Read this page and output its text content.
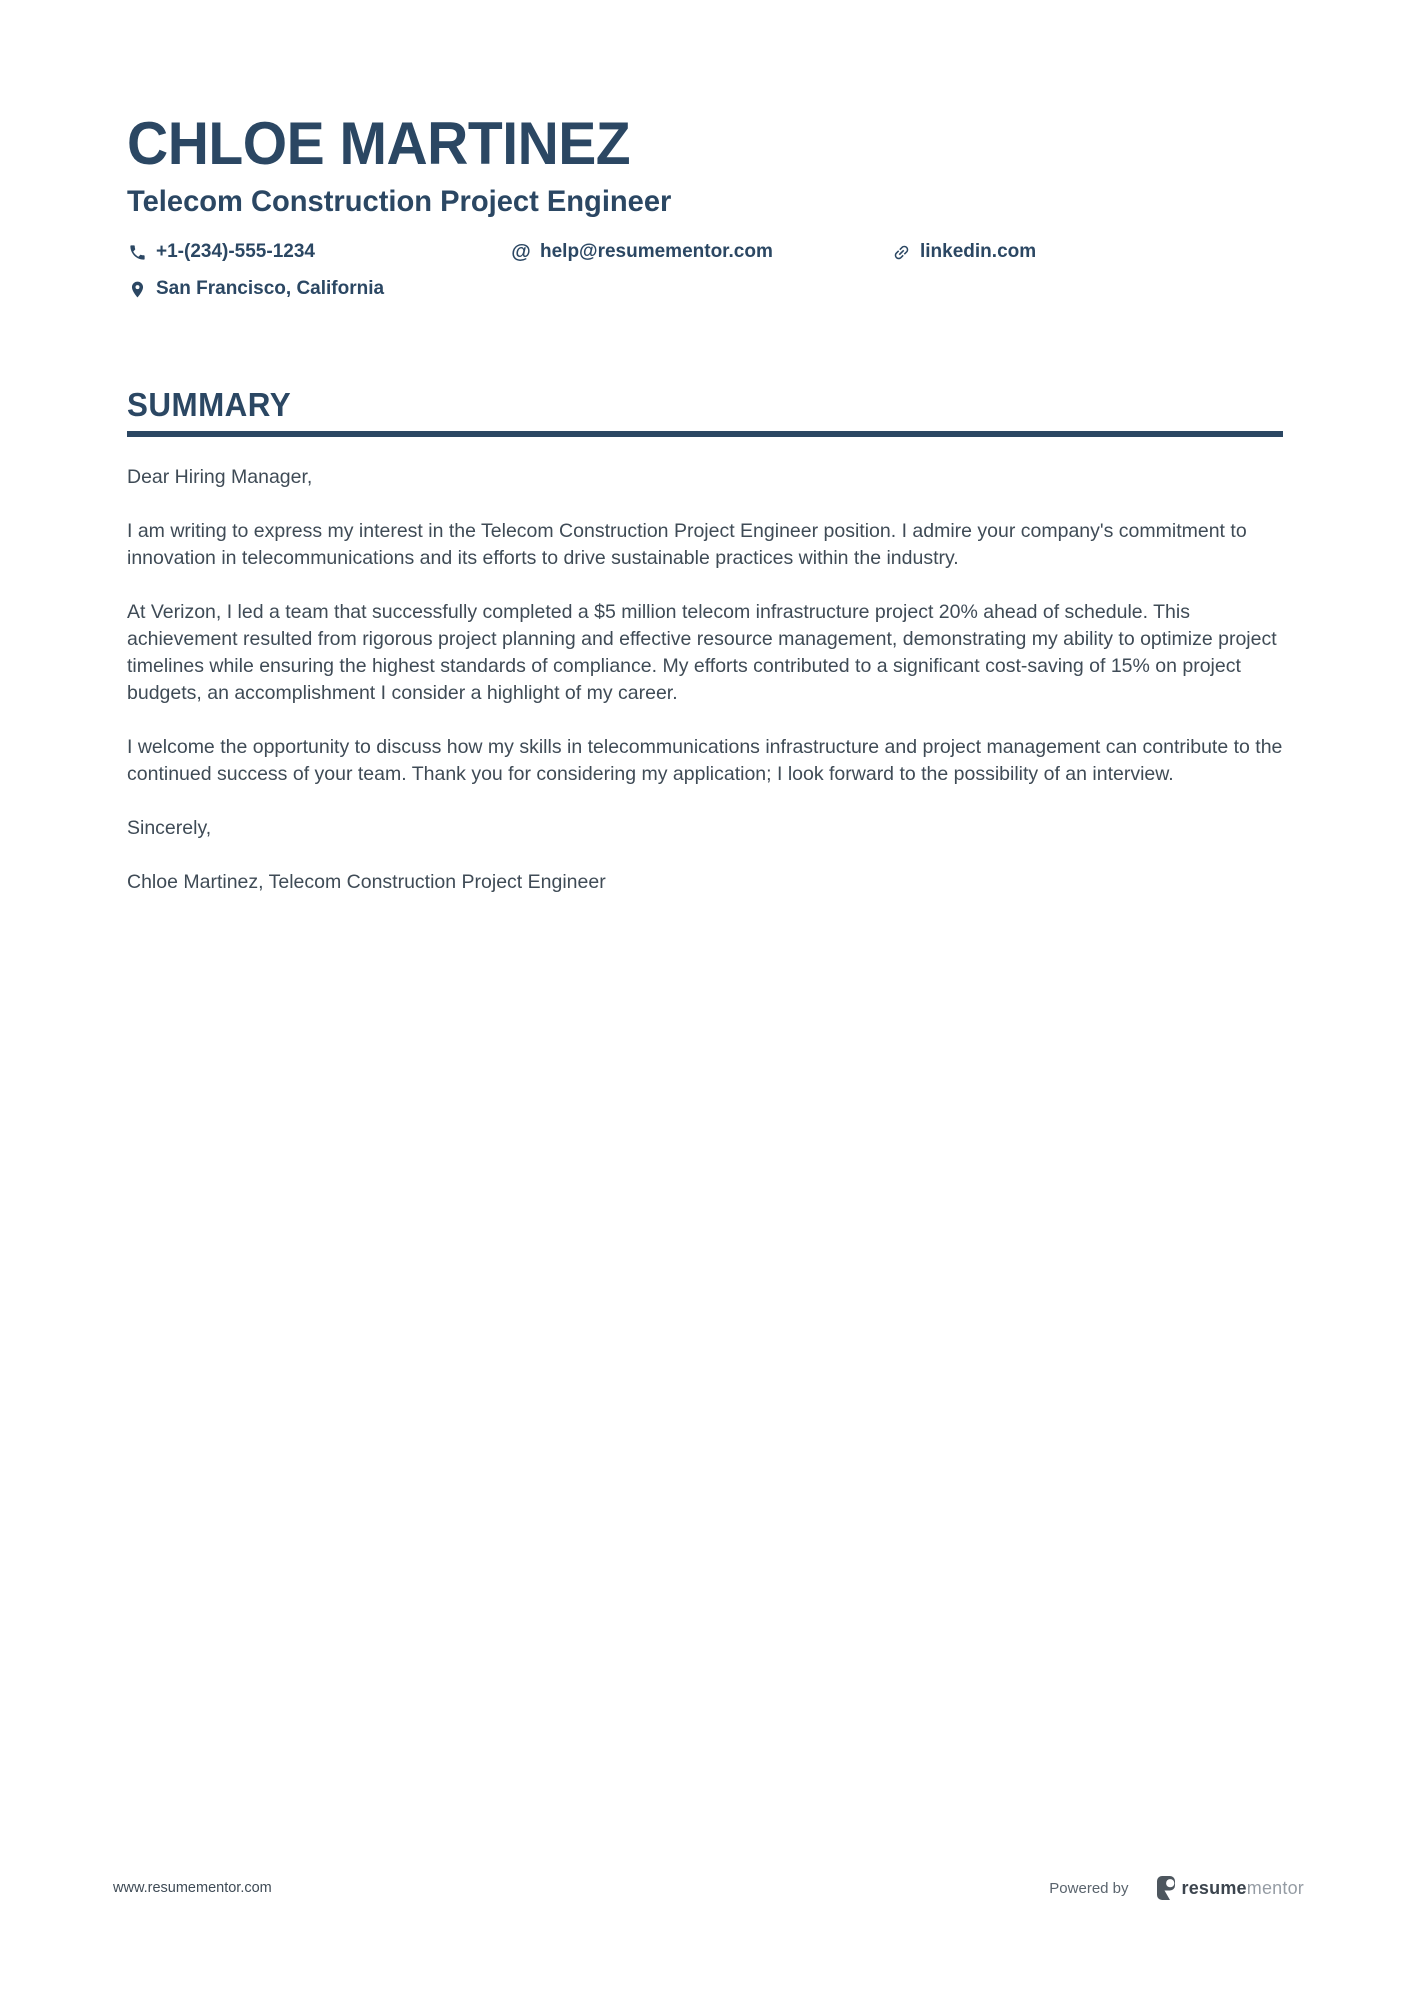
CHLOE MARTINEZ
Telecom Construction Project Engineer
+1-(234)-555-1234	@ help@resumementor.com	linkedin.com
San Francisco, California
SUMMARY

Dear Hiring Manager,

I am writing to express my interest in the Telecom Construction Project Engineer position. I admire your company's commitment to innovation in telecommunications and its efforts to drive sustainable practices within the industry.

At Verizon, I led a team that successfully completed a $5 million telecom infrastructure project 20% ahead of schedule. This achievement resulted from rigorous project planning and effective resource management, demonstrating my ability to optimize project timelines while ensuring the highest standards of compliance. My efforts contributed to a significant cost-saving of 15% on project budgets, an accomplishment I consider a highlight of my career.

I welcome the opportunity to discuss how my skills in telecommunications infrastructure and project management can contribute to the continued success of your team. Thank you for considering my application; I look forward to the possibility of an interview.

Sincerely,

Chloe Martinez, Telecom Construction Project Engineer

www.resumementor.com	Powered by	resumementor
